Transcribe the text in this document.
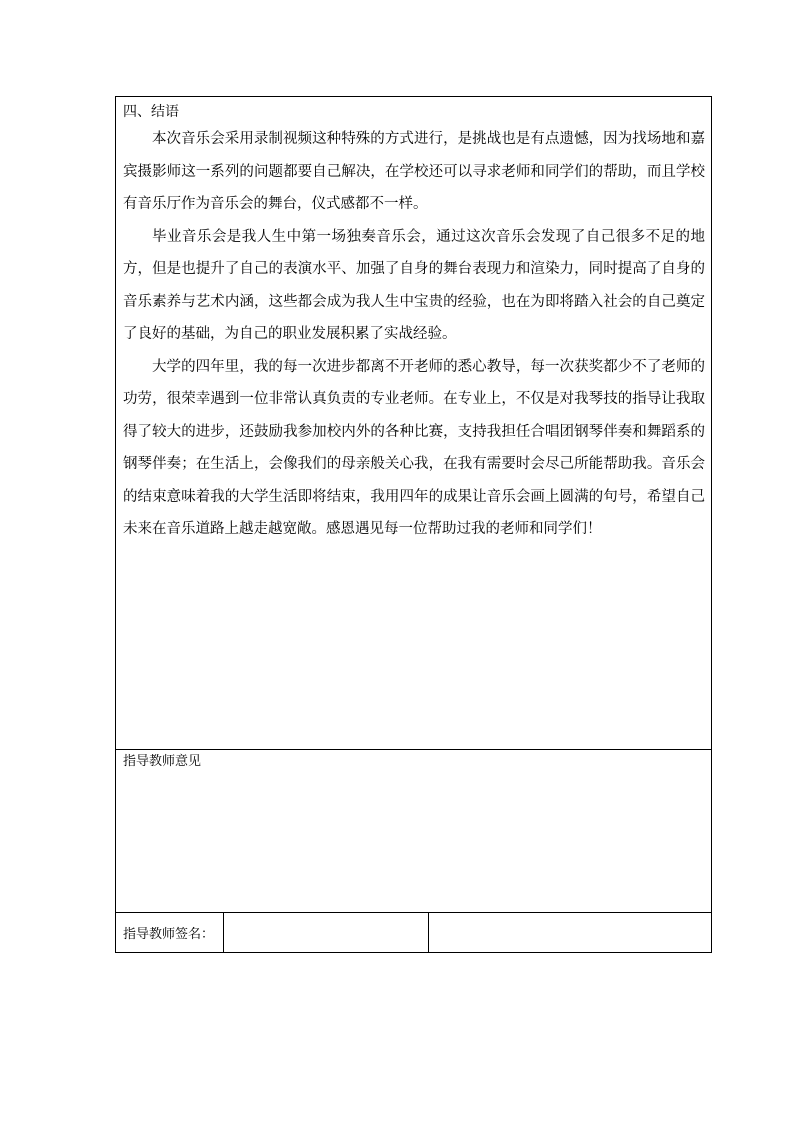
四、结语

本次音乐会采用录制视频这种特殊的方式进行，是挑战也是有点遗憾，因为找场地和嘉宾摄影师这一系列的问题都要自己解决，在学校还可以寻求老师和同学们的帮助，而且学校有音乐厅作为音乐会的舞台，仪式感都不一样。

毕业音乐会是我人生中第一场独奏音乐会，通过这次音乐会发现了自己很多不足的地方，但是也提升了自己的表演水平、加强了自身的舞台表现力和渲染力，同时提高了自身的音乐素养与艺术内涵，这些都会成为我人生中宝贵的经验，也在为即将踏入社会的自己奠定了良好的基础，为自己的职业发展积累了实战经验。

大学的四年里，我的每一次进步都离不开老师的悉心教导，每一次获奖都少不了老师的功劳，很荣幸遇到一位非常认真负责的专业老师。在专业上，不仅是对我琴技的指导让我取得了较大的进步，还鼓励我参加校内外的各种比赛，支持我担任合唱团钢琴伴奏和舞蹈系的钢琴伴奏；在生活上，会像我们的母亲般关心我，在我有需要时会尽己所能帮助我。音乐会的结束意味着我的大学生活即将结束，我用四年的成果让音乐会画上圆满的句号，希望自己未来在音乐道路上越走越宽敞。感恩遇见每一位帮助过我的老师和同学们！

指导教师意见
指导教师签名：
